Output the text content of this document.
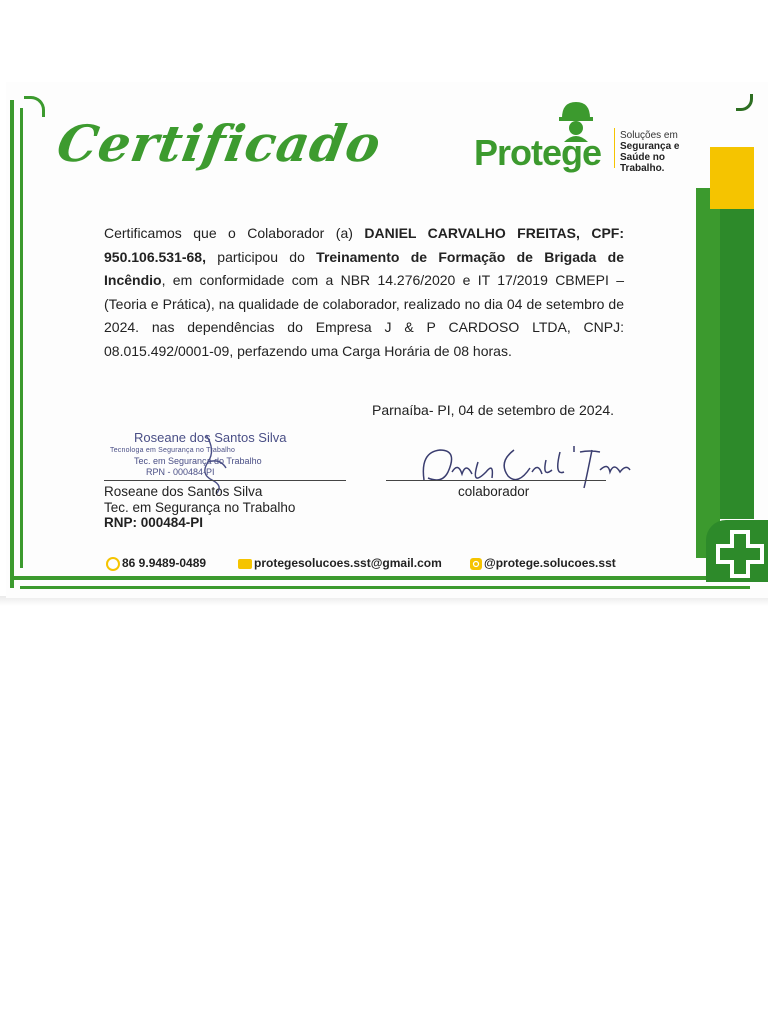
Certificado Protege Soluções em
Segurança e
Saúde no
Trabalho.
Certificamos que o Colaborador (a) DANIEL CARVALHO FREITAS, CPF: 950.106.531-68, participou do Treinamento de Formação de Brigada de Incêndio, em conformidade com a NBR 14.276/2020 e IT 17/2019 CBMEPI – (Teoria e Prática), na qualidade de colaborador, realizado no dia 04 de setembro de 2024. nas dependências do Empresa J & P CARDOSO LTDA, CNPJ: 08.015.492/0001-09, perfazendo uma Carga Horária de 08 horas.
Parnaíba- PI, 04 de setembro de 2024.
Roseane dos Santos Silva
Tecnologa em Segurança no Trabalho
Tec. em Segurança do Trabalho
RPN - 000484-PI
Roseane dos Santos Silva
Tec. em Segurança no Trabalho
RNP: 000484-PI
colaborador
86 9.9489-0489	protegesolucoes.sst@gmail.com	@protege.solucoes.sst
